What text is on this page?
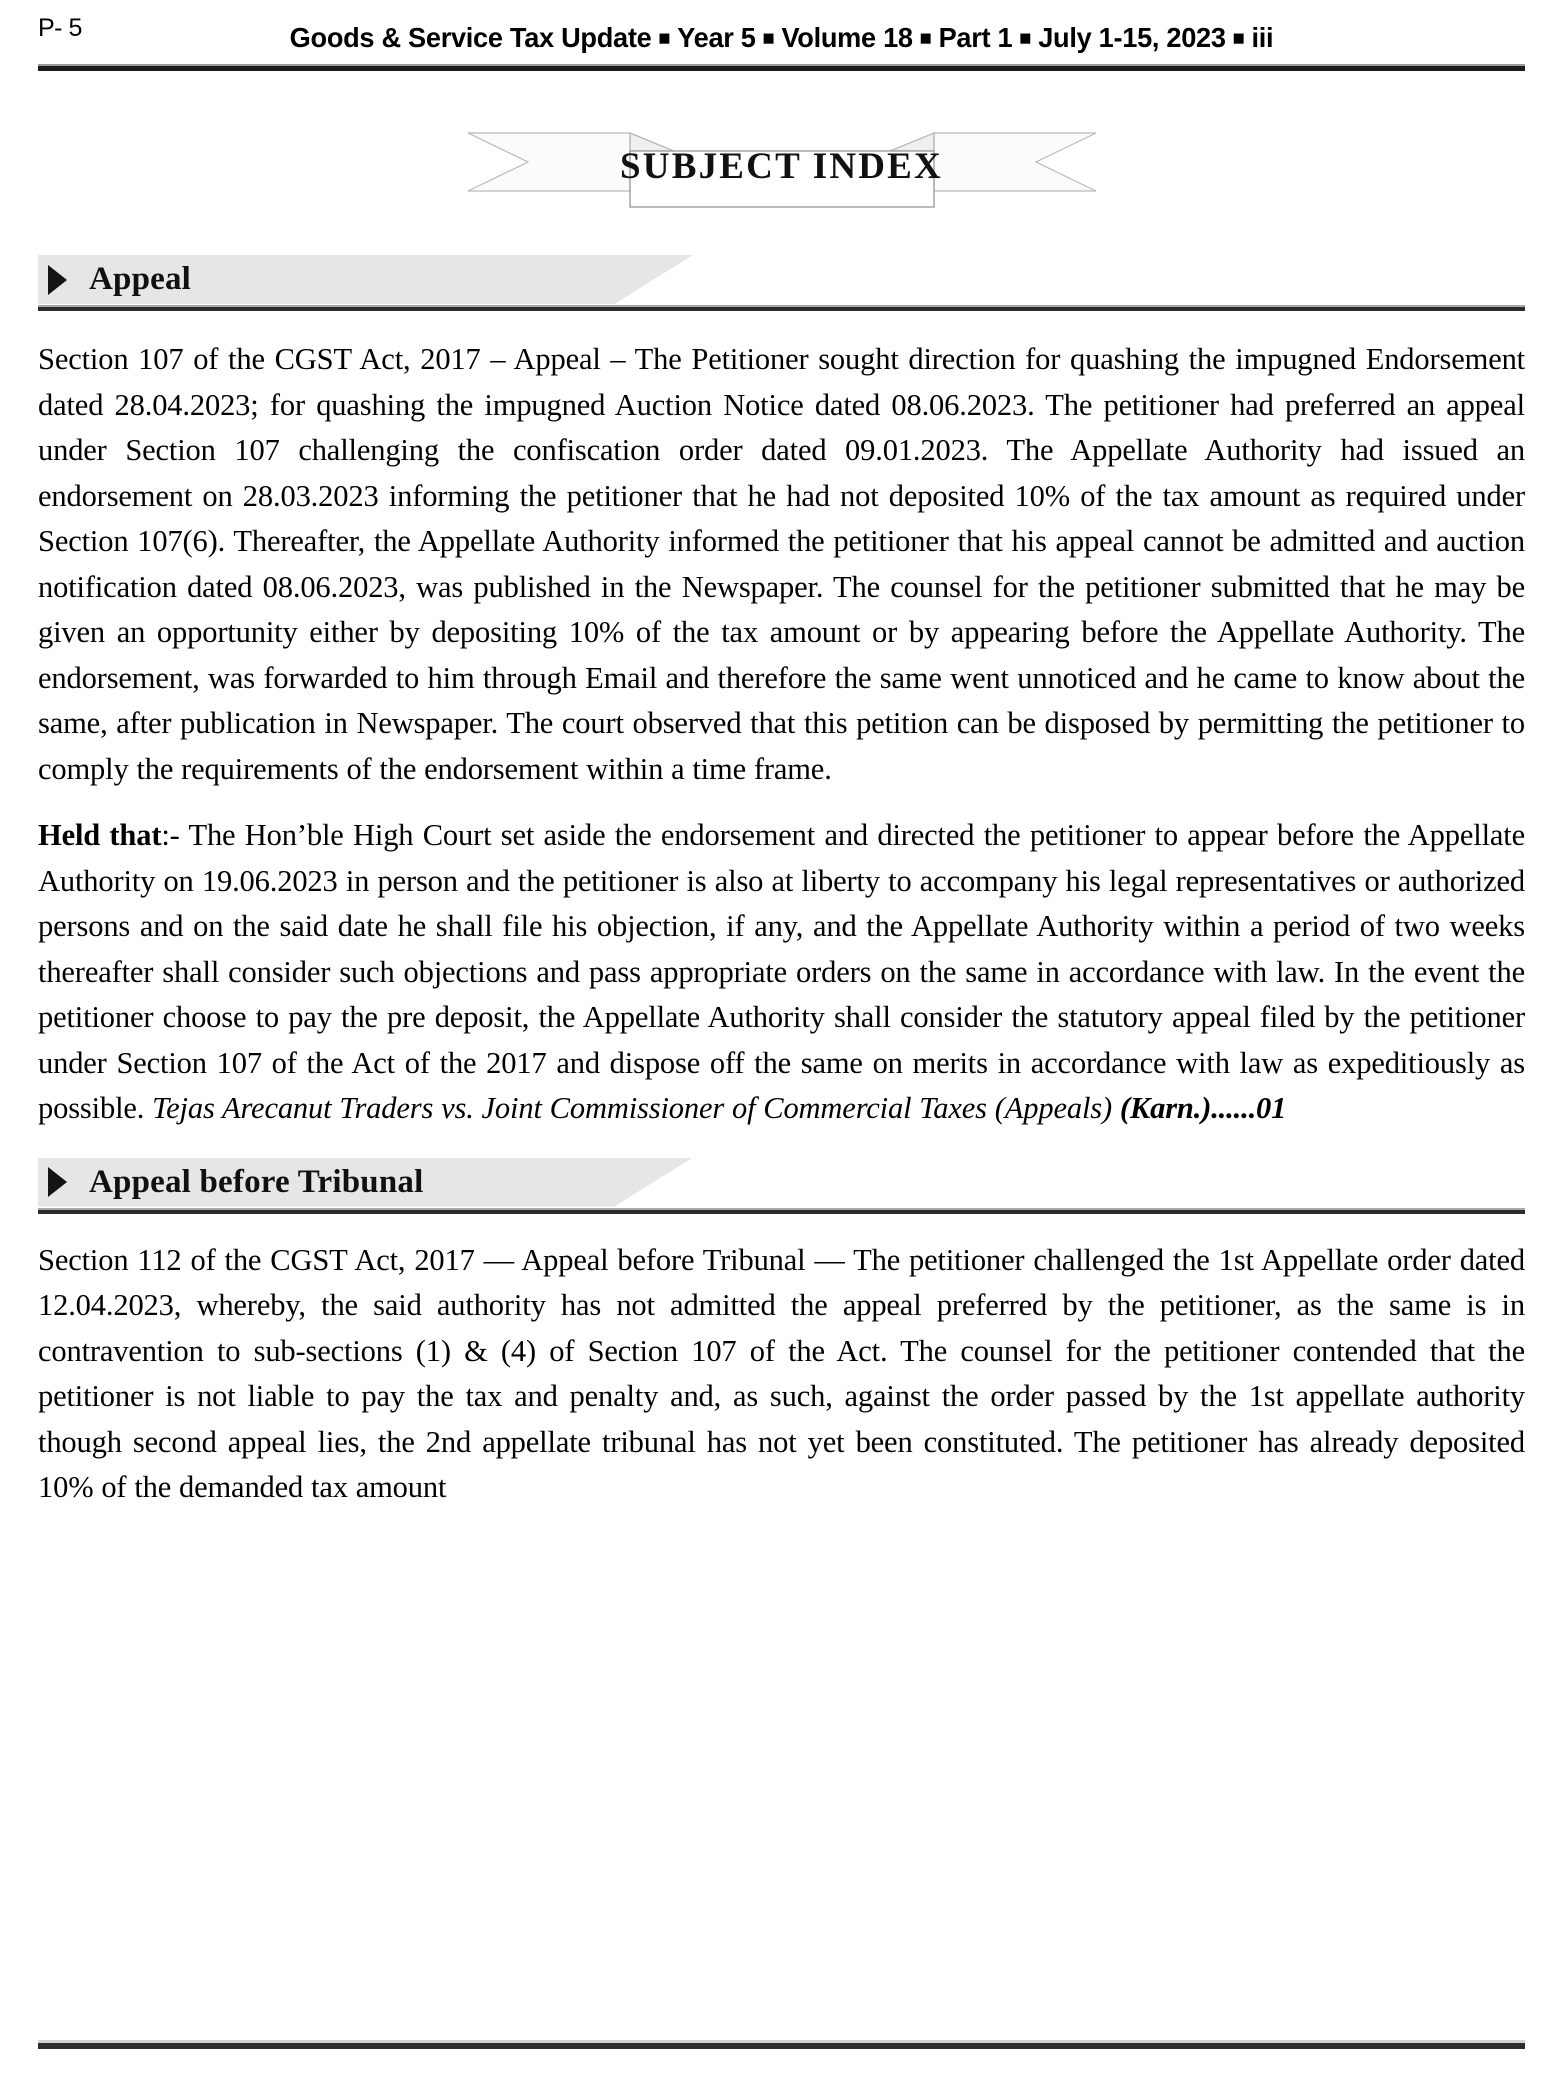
P- 5	Goods & Service Tax Update ■ Year 5 ■ Volume 18 ■ Part 1 ■ July 1-15, 2023 ■ iii
SUBJECT INDEX
Appeal

Section 107 of the CGST Act, 2017 – Appeal – The Petitioner sought direction for quashing the impugned Endorsement dated 28.04.2023; for quashing the impugned Auction Notice dated 08.06.2023. The petitioner had preferred an appeal under Section 107 challenging the confiscation order dated 09.01.2023. The Appellate Authority had issued an endorsement on 28.03.2023 informing the petitioner that he had not deposited 10% of the tax amount as required under Section 107(6). Thereafter, the Appellate Authority informed the petitioner that his appeal cannot be admitted and auction notification dated 08.06.2023, was published in the Newspaper. The counsel for the petitioner submitted that he may be given an opportunity either by depositing 10% of the tax amount or by appearing before the Appellate Authority. The endorsement, was forwarded to him through Email and therefore the same went unnoticed and he came to know about the same, after publication in Newspaper. The court observed that this petition can be disposed by permitting the petitioner to comply the requirements of the endorsement within a time frame.

Held that:- The Hon’ble High Court set aside the endorsement and directed the petitioner to appear before the Appellate Authority on 19.06.2023 in person and the petitioner is also at liberty to accompany his legal representatives or authorized persons and on the said date he shall file his objection, if any, and the Appellate Authority within a period of two weeks thereafter shall consider such objections and pass appropriate orders on the same in accordance with law. In the event the petitioner choose to pay the pre deposit, the Appellate Authority shall consider the statutory appeal filed by the petitioner under Section 107 of the Act of the 2017 and dispose off the same on merits in accordance with law as expeditiously as possible. Tejas Arecanut Traders vs. Joint Commissioner of Commercial Taxes (Appeals) (Karn.)......01

Appeal before Tribunal

Section 112 of the CGST Act, 2017 — Appeal before Tribunal — The petitioner challenged the 1st Appellate order dated 12.04.2023, whereby, the said authority has not admitted the appeal preferred by the petitioner, as the same is in contravention to sub-sections (1) & (4) of Section 107 of the Act. The counsel for the petitioner contended that the petitioner is not liable to pay the tax and penalty and, as such, against the order passed by the 1st appellate authority though second appeal lies, the 2nd appellate tribunal has not yet been constituted. The petitioner has already deposited 10% of the demanded tax amount
